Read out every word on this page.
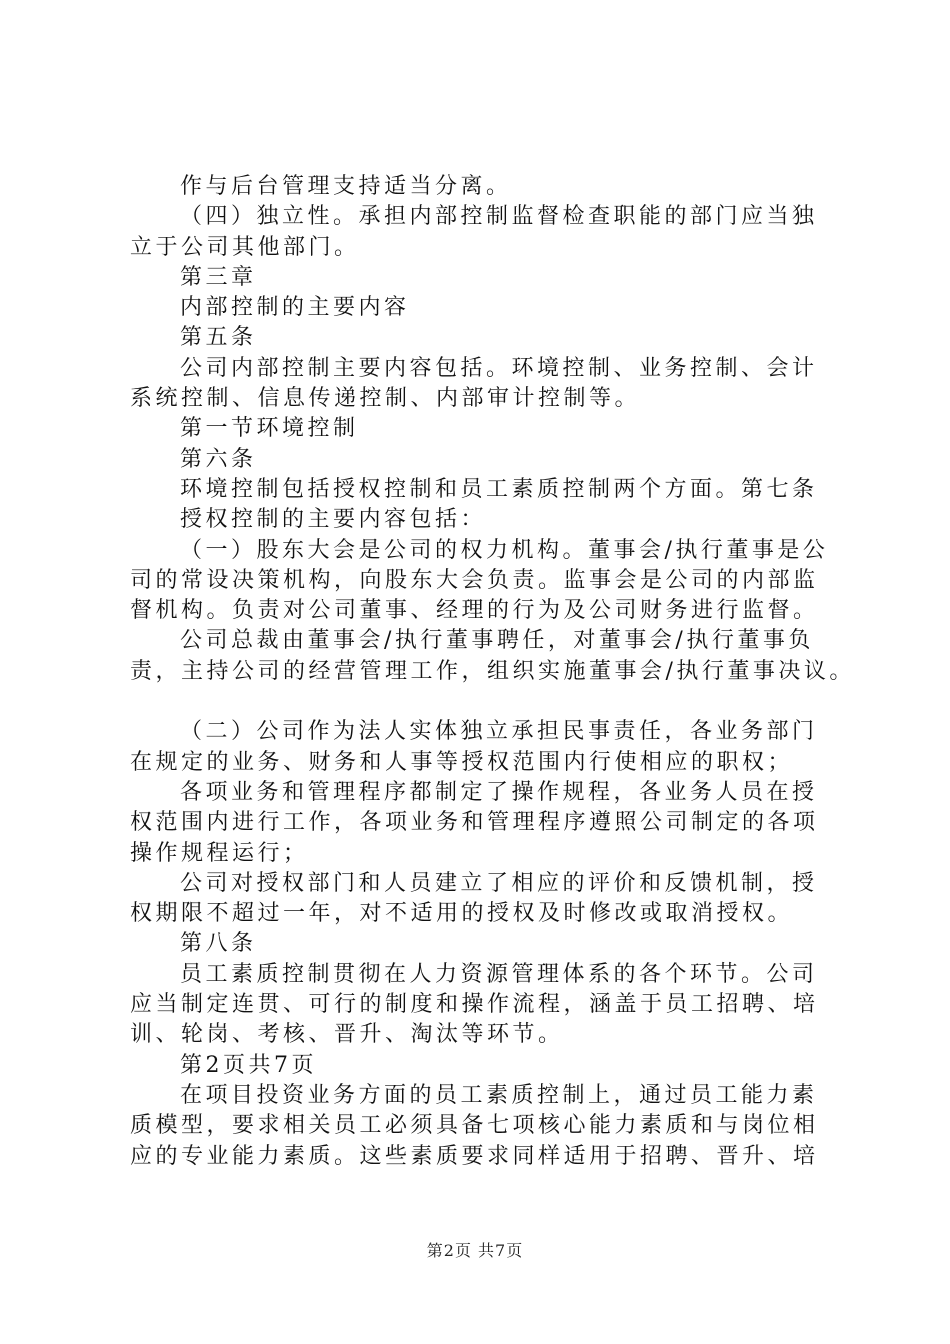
作与后台管理支持适当分离。
（四）独立性。承担内部控制监督检查职能的部门应当独
立于公司其他部门。
第三章
内部控制的主要内容
第五条
公司内部控制主要内容包括。环境控制、业务控制、会计
系统控制、信息传递控制、内部审计控制等。
第一节环境控制
第六条
环境控制包括授权控制和员工素质控制两个方面。第七条
授权控制的主要内容包括：
（一）股东大会是公司的权力机构。董事会/执行董事是公
司的常设决策机构，向股东大会负责。监事会是公司的内部监
督机构。负责对公司董事、经理的行为及公司财务进行监督。
公司总裁由董事会/执行董事聘任，对董事会/执行董事负
责，主持公司的经营管理工作，组织实施董事会/执行董事决议。
（二）公司作为法人实体独立承担民事责任，各业务部门
在规定的业务、财务和人事等授权范围内行使相应的职权；
各项业务和管理程序都制定了操作规程，各业务人员在授
权范围内进行工作，各项业务和管理程序遵照公司制定的各项
操作规程运行；
公司对授权部门和人员建立了相应的评价和反馈机制，授
权期限不超过一年，对不适用的授权及时修改或取消授权。
第八条
员工素质控制贯彻在人力资源管理体系的各个环节。公司
应当制定连贯、可行的制度和操作流程，涵盖于员工招聘、培
训、轮岗、考核、晋升、淘汰等环节。
第2页共7页
在项目投资业务方面的员工素质控制上，通过员工能力素
质模型，要求相关员工必须具备七项核心能力素质和与岗位相
应的专业能力素质。这些素质要求同样适用于招聘、晋升、培
第2页 共7页
